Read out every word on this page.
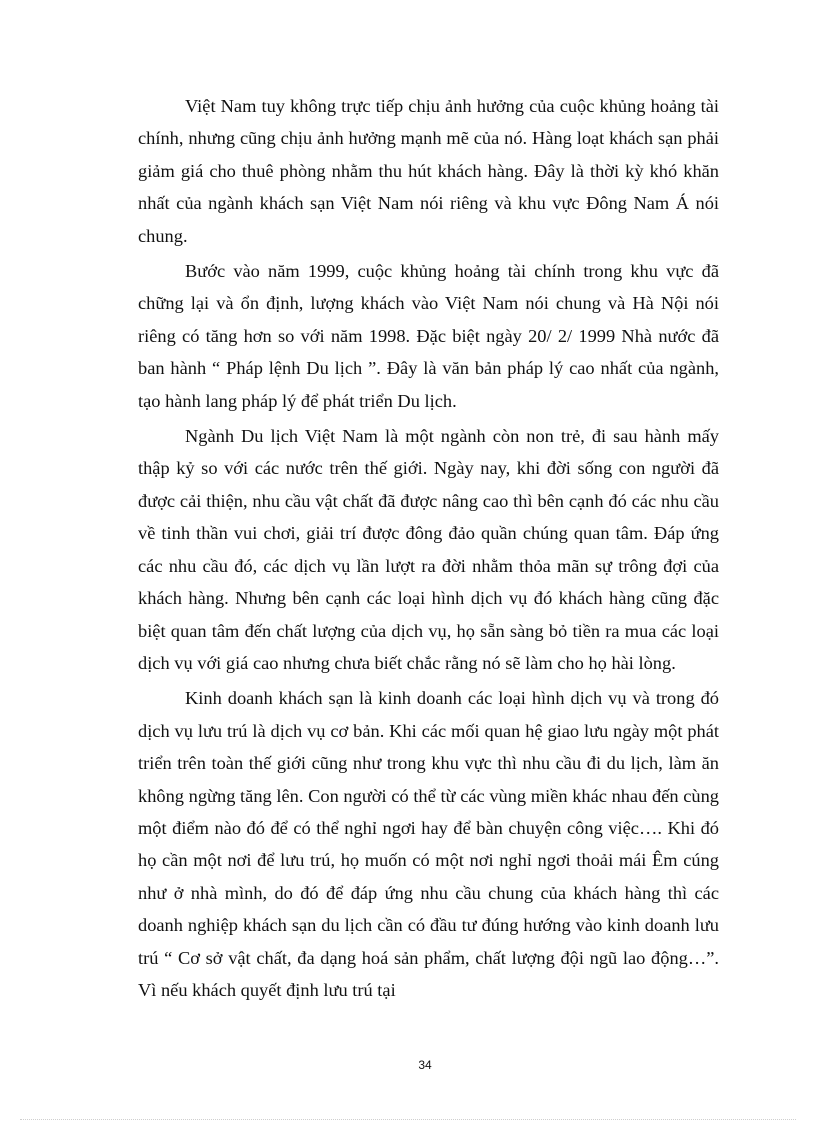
Việt Nam tuy không trực tiếp chịu ảnh hưởng của cuộc khủng hoảng tài chính, nhưng cũng chịu ảnh hưởng mạnh mẽ của nó. Hàng loạt khách sạn phải giảm giá cho thuê phòng nhằm thu hút khách hàng. Đây là thời kỳ khó khăn nhất của ngành khách sạn Việt Nam nói riêng và khu vực Đông Nam Á nói chung.

Bước vào năm 1999, cuộc khủng hoảng tài chính trong khu vực đã chững lại và ổn định, lượng khách vào Việt Nam nói chung và Hà Nội nói riêng có tăng hơn so với năm 1998. Đặc biệt ngày 20/ 2/ 1999 Nhà nước đã ban hành “ Pháp lệnh Du lịch ”. Đây là văn bản pháp lý cao nhất của ngành, tạo hành lang pháp lý để phát triển Du lịch.

Ngành Du lịch Việt Nam là một ngành còn non trẻ, đi sau hành mấy thập kỷ so với các nước trên thế giới. Ngày nay, khi đời sống con người đã được cải thiện, nhu cầu vật chất đã được nâng cao thì bên cạnh đó các nhu cầu về tinh thần vui chơi, giải trí được đông đảo quần chúng quan tâm. Đáp ứng các nhu cầu đó, các dịch vụ lần lượt ra đời nhằm thỏa mãn sự trông đợi của khách hàng. Nhưng bên cạnh các loại hình dịch vụ đó khách hàng cũng đặc biệt quan tâm đến chất lượng của dịch vụ, họ sẵn sàng bỏ tiền ra mua các loại dịch vụ với giá cao nhưng chưa biết chắc rằng nó sẽ làm cho họ hài lòng.

Kinh doanh khách sạn là kinh doanh các loại hình dịch vụ và trong đó dịch vụ lưu trú là dịch vụ cơ bản. Khi các mối quan hệ giao lưu ngày một phát triển trên toàn thế giới cũng như trong khu vực thì nhu cầu đi du lịch, làm ăn không ngừng tăng lên. Con người có thể từ các vùng miền khác nhau đến cùng một điểm nào đó để có thể nghỉ ngơi hay để bàn chuyện công việc…. Khi đó họ cần một nơi để lưu trú, họ muốn có một nơi nghỉ ngơi thoải mái Êm cúng như ở nhà mình, do đó để đáp ứng nhu cầu chung của khách hàng thì các doanh nghiệp khách sạn du lịch cần có đầu tư đúng hướng vào kinh doanh lưu trú “ Cơ sở vật chất, đa dạng hoá sản phẩm, chất lượng đội ngũ lao động…”. Vì nếu khách quyết định lưu trú tại

34
